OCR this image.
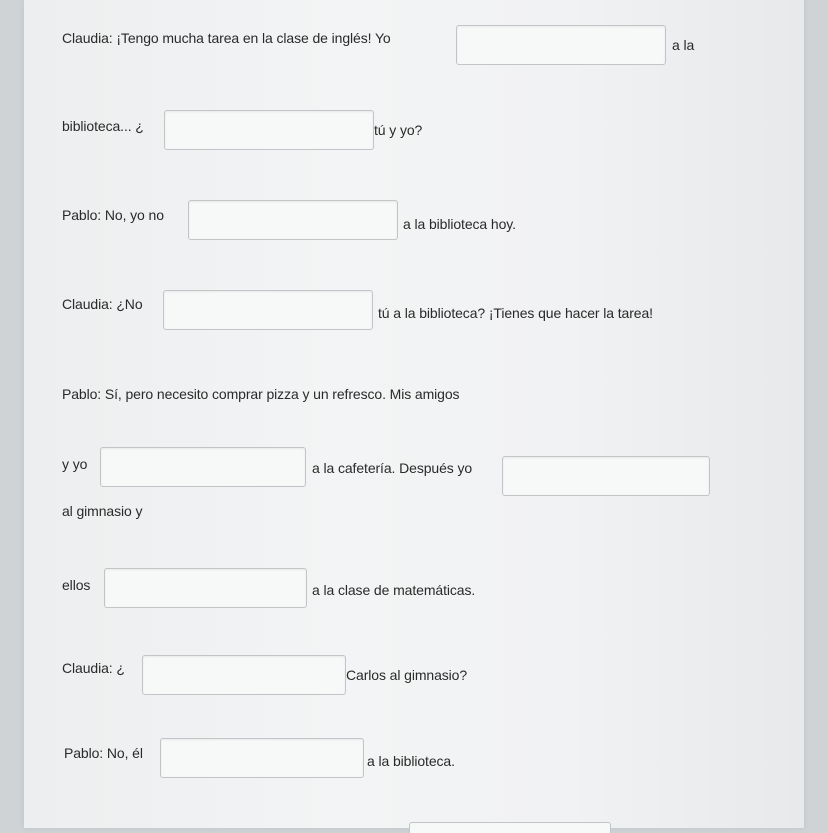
Claudia: ¡Tengo mucha tarea en la clase de inglés! Yo	a la
biblioteca... ¿	tú y yo?
Pablo: No, yo no
a la biblioteca hoy.
Claudia: ¿No
tú a la biblioteca? ¡Tienes que hacer la tarea!
Pablo: Sí, pero necesito comprar pizza y un refresco. Mis amigos
y yo	a la cafetería. Después yo
al gimnasio y
ellos	a la clase de matemáticas.
Claudia: ¿	Carlos al gimnasio?
Pablo: No, él	a la biblioteca.
